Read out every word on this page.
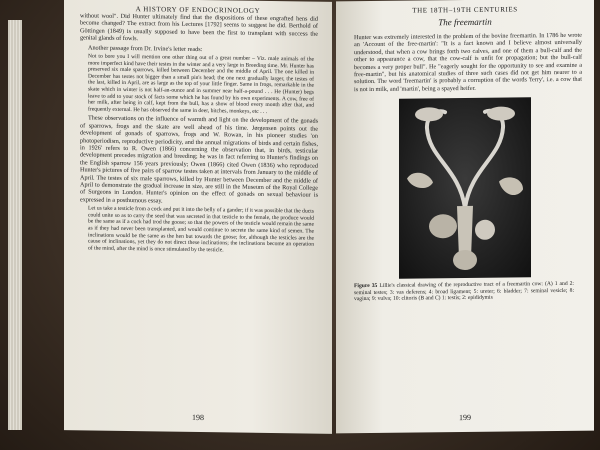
A HISTORY OF ENDOCRINOLOGY

without wool". Did Hunter ultimately find that the dispositions of these engrafted hens did become changed? The extract from his Lectures [1792] seems to suggest he did. Berthold of Göttingen (1849) is usually supposed to have been the first to transplant with success the genital glands of fowls.

Another passage from Dr. Irvine's letter reads:

Not to bore you I will mention one other thing out of a great number – Viz. male animals of the more imperfect kind have their testes in the winter and a very large in Breeding time. Mr. Hunter has preserved six male sparrows, killed between December and the middle of April. The one killed in December has testes not bigger than a small pin's head; the one next gradually larger, the testes of the last, killed in April, are as large as the top of your little finger. Same in frogs, remarkable in the skate which in winter is not half-an-ounce and in summer near half-a-pound . . . He (Hunter) begs leave to add to your stock of facts some which he has found by his own experiments. A cow, free of her milk, after being in calf, kept from the bull, has a show of blood every month after that, and frequently external. He has observed the same in deer, bitches, monkeys, etc . . .

These observations on the influence of warmth and light on the development of the gonads of sparrows, frogs and the skate are well ahead of his time. Jørgensen points out the development of gonads of sparrows, frogs and W. Rowan, in his pioneer studies 'on photoperiodism, reproductive periodicity, and the annual migrations of birds and certain fishes, in 1926' refers to R. Owen (1866) concerning the observation that, in birds, testicular development precedes migration and breeding; he was in fact referring to Hunter's findings on the English sparrow 156 years previously; Owen (1866) cited Owen (1836) who reproduced Hunter's pictures of five pairs of sparrow testes taken at intervals from January to the middle of April. The testes of six male sparrows, killed by Hunter between December and the middle of April to demonstrate the gradual increase in size, are still in the Museum of the Royal College of Surgeons in London. Hunter's opinion on the effect of gonads on sexual behaviour is expressed in a posthumous essay.

Let us take a testicle from a cock and put it into the belly of a gander; if it was possible that the ducts could unite so as to carry the seed that was secreted in that testicle to the female, the produce would be the same as if a cock had trod the goose; so that the powers of the testicle would remain the same as if they had never been transplanted, and would continue to secrete the same kind of semen. The inclinations would be the same as the hen but towards the goose; for, although the testicles are the cause of inclinations, yet they do not direct these inclinations; the inclinations become an operation of the mind, after the mind is once stimulated by the testicle.
198
THE 18TH–19TH CENTURIES
The freemartin

Hunter was extremely interested in the problem of the bovine freemartin. In 1786 he wrote an 'Account of the free-martin': "It is a fact known and I believe almost universally understood, that when a cow brings forth two calves, and one of them a bull-calf and the other to appearance a cow, that the cow-calf is unfit for propagation; but the bull-calf becomes a very proper bull". He "eagerly sought for the opportunity to see and examine a free-martin", but his anatomical studies of three such cases did not get him nearer to a solution. The word 'freemartin' is probably a corruption of the words 'ferry', i.e. a cow that is not in milk, and 'martin', being a spayed heifer.

Figure 35 Lillie's classical drawing of the reproductive tract of a freemartin cow: (A) 1 and 2: seminal testes; 3: vas deferens; 4: broad ligament; 5: ureter; 6: bladder; 7: seminal vesicle; 8: vagina; 9: vulva; 10: clitoris (B and C) 1: testis; 2: epididymis
199
